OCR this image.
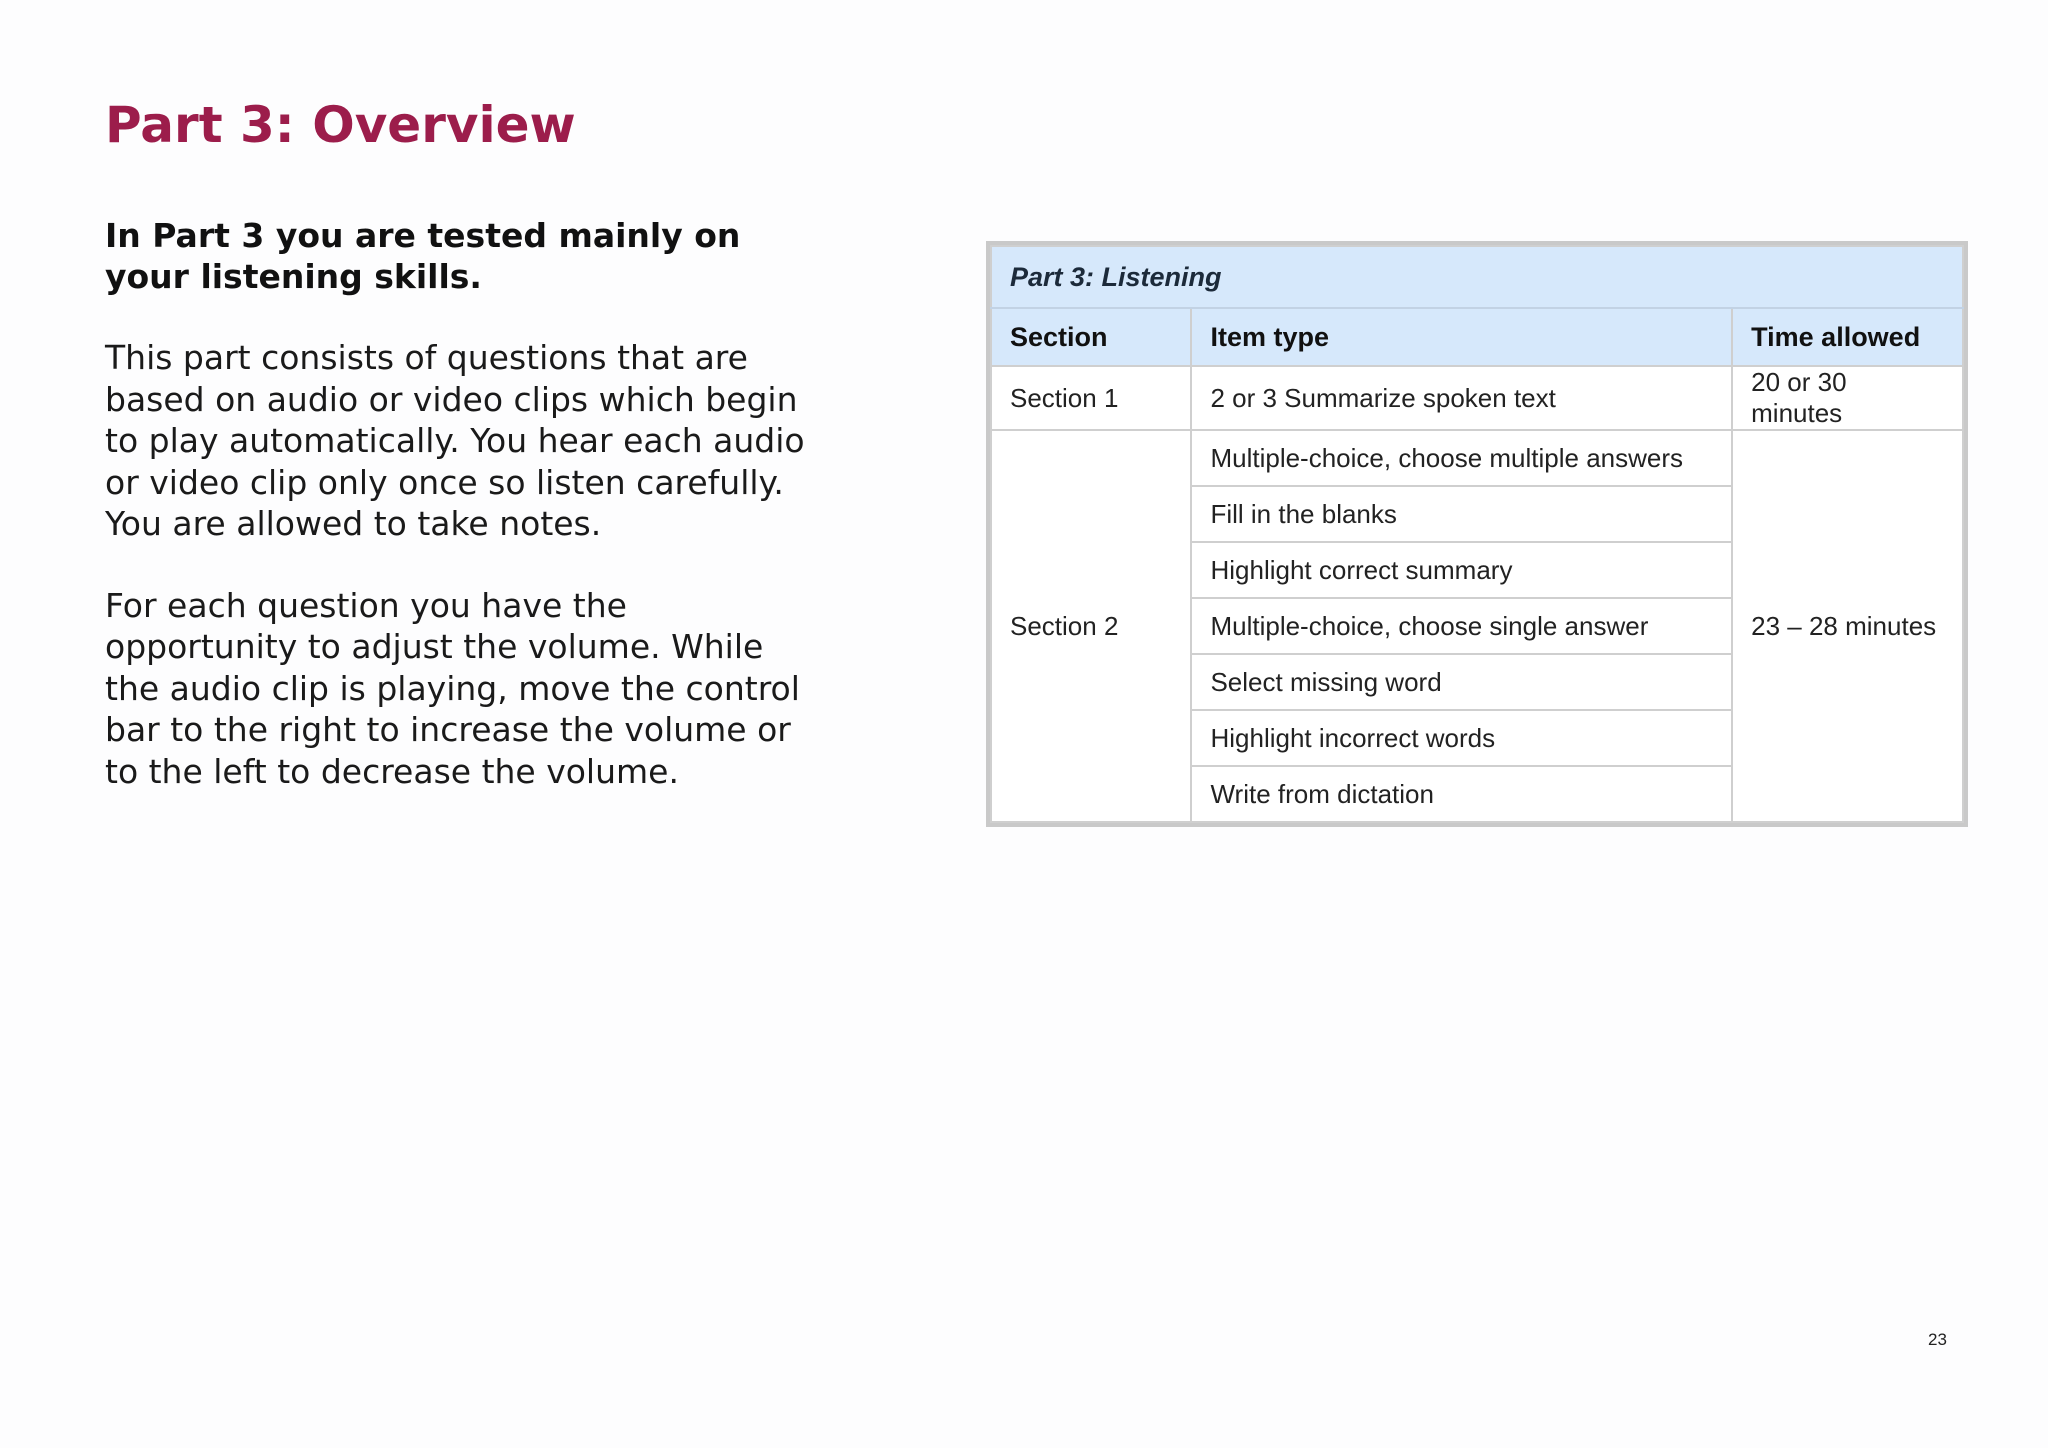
Part 3: Overview

In Part 3 you are tested mainly on your listening skills.

This part consists of questions that are based on audio or video clips which begin to play automatically. You hear each audio or video clip only once so listen carefully. You are allowed to take notes.

For each question you have the opportunity to adjust the volume. While the audio clip is playing, move the control bar to the right to increase the volume or to the left to decrease the volume.

Part 3: Listening		
Section	Item type	Time allowed
Section 1	2 or 3 Summarize spoken text	20 or 30 minutes
Section 2	Multiple-choice, choose multiple answers	23 – 28 minutes
	Fill in the blanks	
	Highlight correct summary	
	Multiple-choice, choose single answer	
	Select missing word	
	Highlight incorrect words	
	Write from dictation	
23
